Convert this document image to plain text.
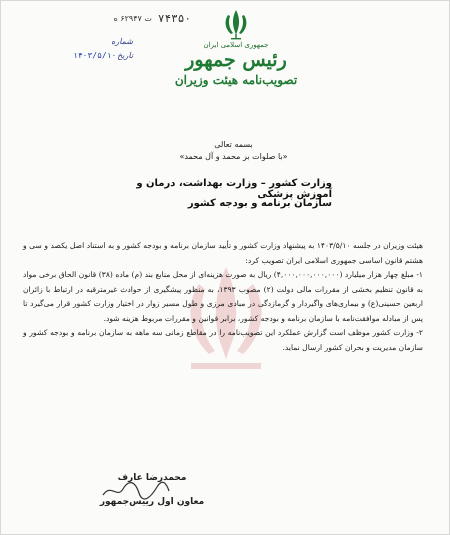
۷۴۳۵۰
ت ۶۲۹۴۷ ه
شماره
تاریخ
۱۴۰۳/۵/۱۰
جمهوری اسلامی ایران
رئیس جمهور
تصویب‌نامه هیئت وزیران
بسمه تعالی
«با صلوات بر محمد و آل محمد»
وزارت کشور – وزارت بهداشت، درمان و آموزش پزشکی
سازمان برنامه و بودجه کشور

هیئت وزیران در جلسه ۱۴۰۳/۵/۱۰ به پیشنهاد وزارت کشور و تأیید سازمان برنامه و بودجه کشور و به استناد اصل یکصد و سی و هشتم قانون اساسی جمهوری اسلامی ایران تصویب کرد:

۱- مبلغ چهار هزار میلیارد (۴,۰۰۰,۰۰۰,۰۰۰,۰۰۰) ریال به صورت هزینه‌ای از محل منابع بند (م) ماده (۳۸) قانون الحاق برخی مواد به قانون تنظیم بخشی از مقررات مالی دولت (۲) مصوب ۱۳۹۳، به منظور پیشگیری از حوادث غیرمترقبه در ارتباط با زائران اربعین حسینی(ع) و بیماری‌های واگیردار و گرمازدگی در مبادی مرزی و طول مسیر زوار در اختیار وزارت کشور قرار می‌گیرد تا پس از مبادله موافقت‌نامه با سازمان برنامه و بودجه کشور، برابر قوانین و مقررات مربوط هزینه شود.

۲- وزارت کشور موظف است گزارش عملکرد این تصویب‌نامه را در مقاطع زمانی سه ماهه به سازمان برنامه و بودجه کشور و سازمان مدیریت و بحران کشور ارسال نماید.

محمدرضا عارف
معاون اول رییس‌جمهور
